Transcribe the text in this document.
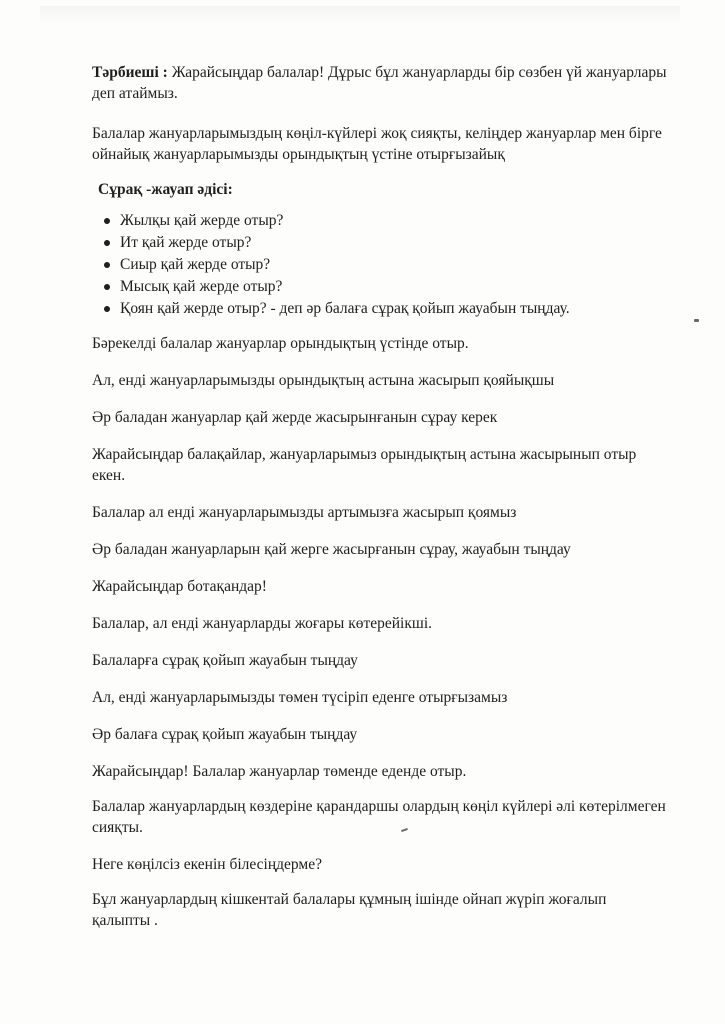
Тәрбиеші : Жарайсыңдар балалар! Дұрыс бұл жануарларды бір сөзбен үй жануарлары деп атаймыз.

Балалар жануарларымыздың көңіл-күйлері жоқ сияқты, келіңдер жануарлар мен бірге ойнайық жануарларымызды орындықтың үстіне отырғызайық

Сұрақ -жауап әдісі:

Жылқы қай жерде отыр?
Ит қай жерде отыр?
Сиыр қай жерде отыр?
Мысық қай жерде отыр?
Қоян қай жерде отыр? - деп әр балаға сұрақ қойып жауабын тыңдау.

Бәрекелді балалар жануарлар орындықтың үстінде отыр.

Ал, енді жануарларымызды орындықтың астына жасырып қояйықшы

Әр баладан жануарлар қай жерде жасырынғанын сұрау керек

Жарайсыңдар балақайлар, жануарларымыз орындықтың астына жасырынып отыр екен.

Балалар ал енді жануарларымызды артымызға жасырып қоямыз

Әр баладан жануарларын қай жерге жасырғанын сұрау, жауабын тыңдау

Жарайсыңдар ботақандар!

Балалар, ал енді жануарларды жоғары көтерейікші.

Балаларға сұрақ қойып жауабын тыңдау

Ал, енді жануарларымызды төмен түсіріп еденге отырғызамыз

Әр балаға сұрақ қойып жауабын тыңдау

Жарайсыңдар! Балалар жануарлар төменде еденде отыр.

Балалар жануарлардың көздеріне қарандаршы олардың көңіл күйлері әлі көтерілмеген сияқты.

Неге көңілсіз екенін білесіңдерме?

Бұл жануарлардың кішкентай балалары құмның ішінде ойнап жүріп жоғалып қалыпты .
